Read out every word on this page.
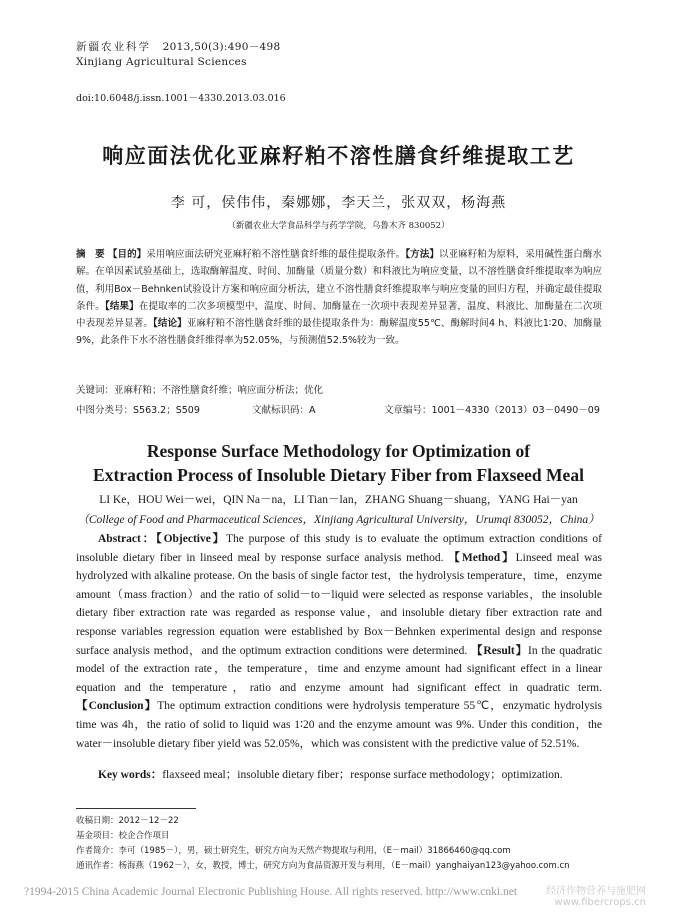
新疆农业科学 2013,50(3):490－498
Xinjiang Agricultural Sciences
doi:10.6048/j.issn.1001－4330.2013.03.016
响应面法优化亚麻籽粕不溶性膳食纤维提取工艺
李 可，侯伟伟，秦娜娜，李天兰，张双双，杨海燕
（新疆农业大学食品科学与药学学院，乌鲁木齐 830052）
摘　要 【目的】采用响应面法研究亚麻籽粕不溶性膳食纤维的最佳提取条件。【方法】以亚麻籽粕为原料，采用碱性蛋白酶水解。在单因素试验基础上，选取酶解温度、时间、加酶量（质量分数）和料液比为响应变量，以不溶性膳食纤维提取率为响应值，利用Box－Behnken试验设计方案和响应面分析法，建立不溶性膳食纤维提取率与响应变量的回归方程，并确定最佳提取条件。【结果】在提取率的二次多项模型中，温度、时间、加酶量在一次项中表现差异显著，温度、料液比、加酶量在二次项中表现差异显著。【结论】亚麻籽粕不溶性膳食纤维的最佳提取条件为：酶解温度55℃、酶解时间4 h、料液比1∶20、加酶量9%，此条件下水不溶性膳食纤维得率为52.05%，与预测值52.5%较为一致。
关键词：亚麻籽粕；不溶性膳食纤维；响应面分析法；优化
中图分类号：S563.2；S509	文献标识码：A	文章编号：1001－4330（2013）03－0490－09
Response Surface Methodology for Optimization of
Extraction Process of Insoluble Dietary Fiber from Flaxseed Meal
LI Ke，HOU Wei－wei，QIN Na－na，LI Tian－lan，ZHANG Shuang－shuang，YANG Hai－yan
（College of Food and Pharmaceutical Sciences，Xinjiang Agricultural University，Urumqi 830052，China）
Abstract：【Objective】The purpose of this study is to evaluate the optimum extraction conditions of insoluble dietary fiber in linseed meal by response surface analysis method. 【Method】Linseed meal was hydrolyzed with alkaline protease. On the basis of single factor test，the hydrolysis temperature，time，enzyme amount（mass fraction）and the ratio of solid－to－liquid were selected as response variables，the insoluble dietary fiber extraction rate was regarded as response value，and insoluble dietary fiber extraction rate and response variables regression equation were established by Box－Behnken experimental design and response surface analysis method，and the optimum extraction conditions were determined. 【Result】In the quadratic model of the extraction rate，the temperature，time and enzyme amount had significant effect in a linear equation and the temperature，ratio and enzyme amount had significant effect in quadratic term. 【Conclusion】The optimum extraction conditions were hydrolysis temperature 55℃，enzymatic hydrolysis time was 4h，the ratio of solid to liquid was 1∶20 and the enzyme amount was 9%. Under this condition，the water－insoluble dietary fiber yield was 52.05%，which was consistent with the predictive value of 52.51%.
Key words：flaxseed meal；insoluble dietary fiber；response surface methodology；optimization.
收稿日期：2012－12－22
基金项目：校企合作项目
作者简介：李可（1985－），男，硕士研究生，研究方向为天然产物提取与利用，（E－mail）31866460@qq.com
通讯作者：杨海燕（1962－），女，教授，博士，研究方向为食品资源开发与利用，（E－mail）yanghaiyan123@yahoo.com.cn
?1994-2015 China Academic Journal Electronic Publishing House. All rights reserved. http://www.cnki.net	经济作物营养与施肥网
www.fibercrops.cn
